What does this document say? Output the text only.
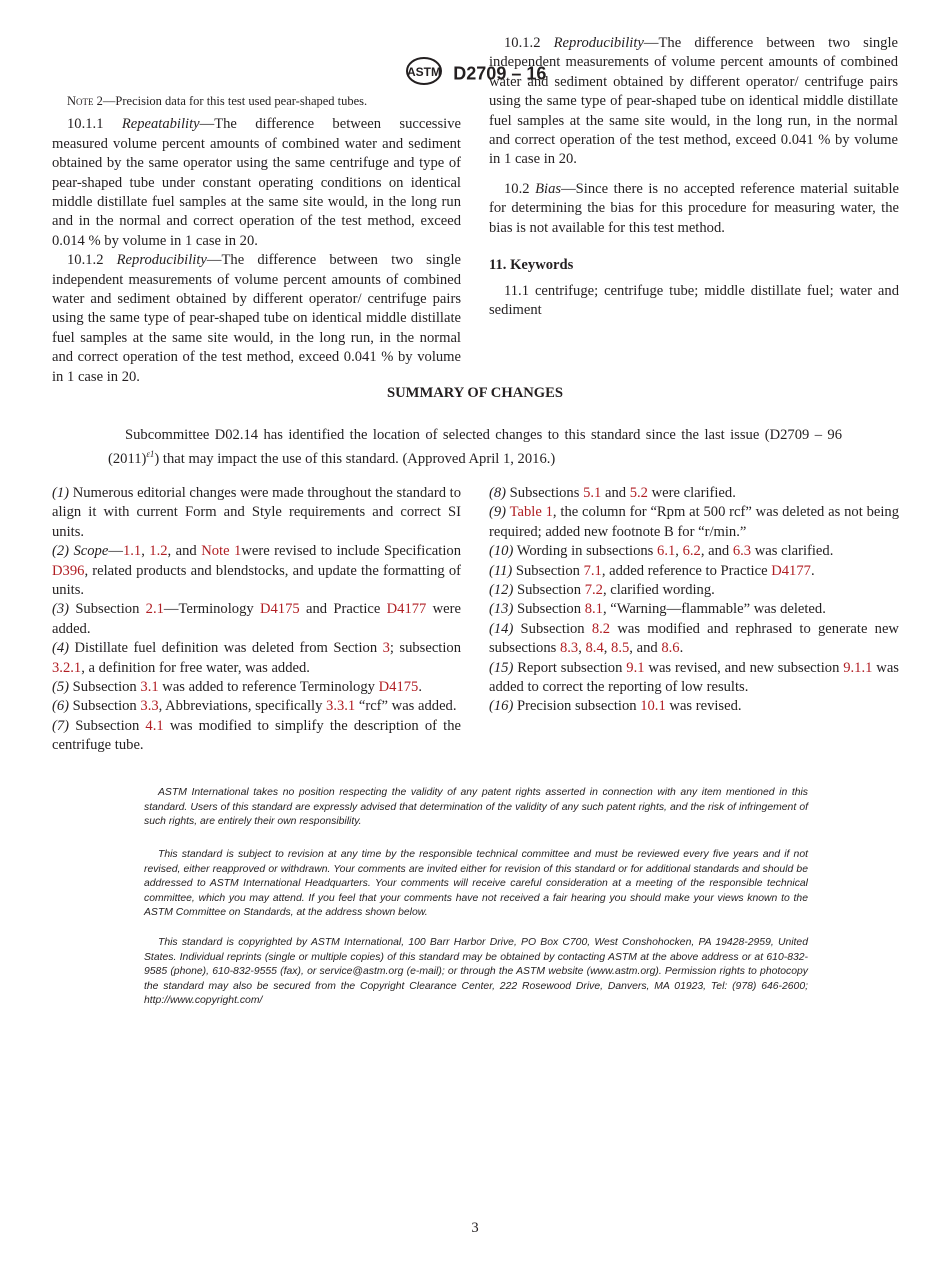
ASTM D2709 – 16

Note 2—Precision data for this test used pear-shaped tubes.

10.1.1 Repeatability—The difference between successive measured volume percent amounts of combined water and sediment obtained by the same operator using the same centrifuge and type of pear-shaped tube under constant operating conditions on identical middle distillate fuel samples at the same site would, in the long run and in the normal and correct operation of the test method, exceed 0.014 % by volume in 1 case in 20.

10.1.2 Reproducibility—The difference between two single independent measurements of volume percent amounts of combined water and sediment obtained by different operator/ centrifuge pairs using the same type of pear-shaped tube on identical middle distillate fuel samples at the same site would, in the long run, in the normal and correct operation of the test method, exceed 0.041 % by volume in 1 case in 20.

10.1.2 Reproducibility—The difference between two single independent measurements of volume percent amounts of combined water and sediment obtained by different operator/ centrifuge pairs using the same type of pear-shaped tube on identical middle distillate fuel samples at the same site would, in the long run, in the normal and correct operation of the test method, exceed 0.041 % by volume in 1 case in 20.

10.2 Bias—Since there is no accepted reference material suitable for determining the bias for this procedure for measuring water, the bias is not available for this test method.

11. Keywords

11.1 centrifuge; centrifuge tube; middle distillate fuel; water and sediment

SUMMARY OF CHANGES

Subcommittee D02.14 has identified the location of selected changes to this standard since the last issue (D2709 – 96 $(2011)^{\varepsilon 1}$) that may impact the use of this standard. (Approved April 1, 2016.)

(1) Numerous editorial changes were made throughout the standard to align it with current Form and Style requirements and correct SI units.

(2) Scope—1.1, 1.2, and Note 1were revised to include Specification D396, related products and blendstocks, and update the formatting of units.

(3) Subsection 2.1—Terminology D4175 and Practice D4177 were added.

(4) Distillate fuel definition was deleted from Section 3; subsection 3.2.1, a definition for free water, was added.

(5) Subsection 3.1 was added to reference Terminology D4175.

(6) Subsection 3.3, Abbreviations, specifically 3.3.1 “rcf” was added.

(7) Subsection 4.1 was modified to simplify the description of the centrifuge tube.

(8) Subsections 5.1 and 5.2 were clarified.

(9) Table 1, the column for “Rpm at 500 rcf” was deleted as not being required; added new footnote B for “r/min.”

(10) Wording in subsections 6.1, 6.2, and 6.3 was clarified.

(11) Subsection 7.1, added reference to Practice D4177.

(12) Subsection 7.2, clarified wording.

(13) Subsection 8.1, “Warning—flammable” was deleted.

(14) Subsection 8.2 was modified and rephrased to generate new subsections 8.3, 8.4, 8.5, and 8.6.

(15) Report subsection 9.1 was revised, and new subsection 9.1.1 was added to correct the reporting of low results.

(16) Precision subsection 10.1 was revised.

ASTM International takes no position respecting the validity of any patent rights asserted in connection with any item mentioned in this standard. Users of this standard are expressly advised that determination of the validity of any such patent rights, and the risk of infringement of such rights, are entirely their own responsibility.

This standard is subject to revision at any time by the responsible technical committee and must be reviewed every five years and if not revised, either reapproved or withdrawn. Your comments are invited either for revision of this standard or for additional standards and should be addressed to ASTM International Headquarters. Your comments will receive careful consideration at a meeting of the responsible technical committee, which you may attend. If you feel that your comments have not received a fair hearing you should make your views known to the ASTM Committee on Standards, at the address shown below.

This standard is copyrighted by ASTM International, 100 Barr Harbor Drive, PO Box C700, West Conshohocken, PA 19428-2959, United States. Individual reprints (single or multiple copies) of this standard may be obtained by contacting ASTM at the above address or at 610-832-9585 (phone), 610-832-9555 (fax), or service@astm.org (e-mail); or through the ASTM website (www.astm.org). Permission rights to photocopy the standard may also be secured from the Copyright Clearance Center, 222 Rosewood Drive, Danvers, MA 01923, Tel: (978) 646-2600; http://www.copyright.com/

3
